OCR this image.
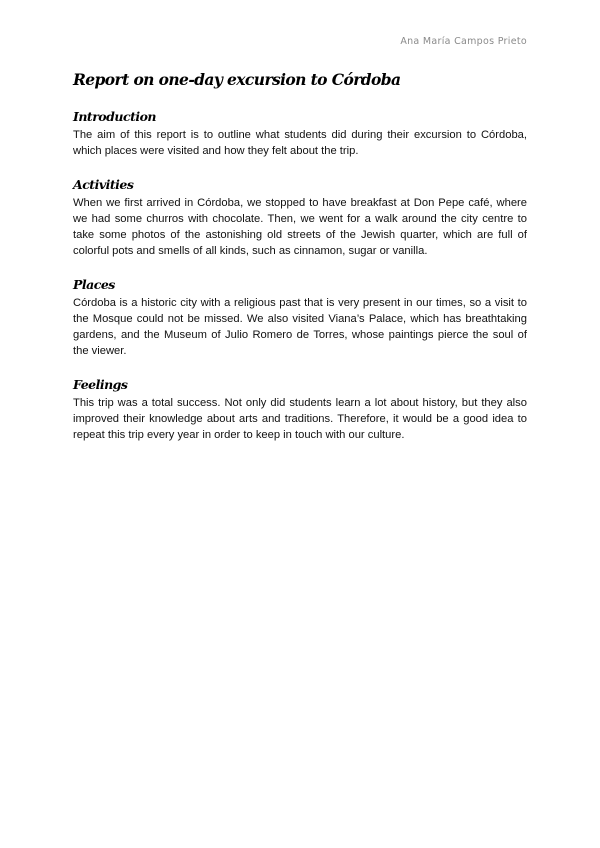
Ana María Campos Prieto
Report on one-day excursion to Córdoba
Introduction

The aim of this report is to outline what students did during their excursion to Córdoba, which places were visited and how they felt about the trip.

Activities

When we first arrived in Córdoba, we stopped to have breakfast at Don Pepe café, where we had some churros with chocolate. Then, we went for a walk around the city centre to take some photos of the astonishing old streets of the Jewish quarter, which are full of colorful pots and smells of all kinds, such as cinnamon, sugar or vanilla.

Places

Córdoba is a historic city with a religious past that is very present in our times, so a visit to the Mosque could not be missed. We also visited Viana’s Palace, which has breathtaking gardens, and the Museum of Julio Romero de Torres, whose paintings pierce the soul of the viewer.

Feelings

This trip was a total success. Not only did students learn a lot about history, but they also improved their knowledge about arts and traditions. Therefore, it would be a good idea to repeat this trip every year in order to keep in touch with our culture.
